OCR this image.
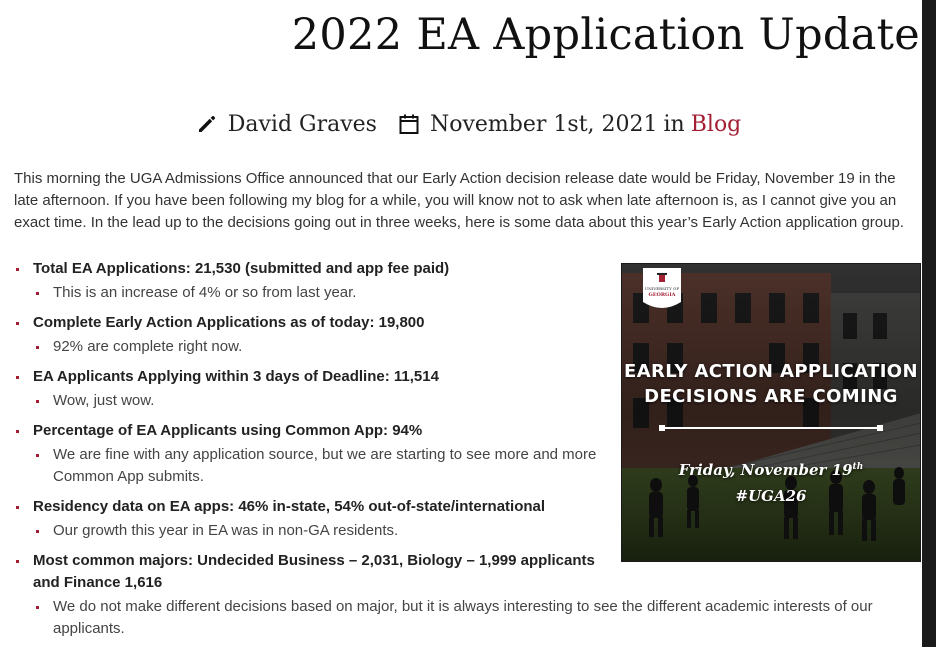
2022 EA Application Update
David Graves November 1st, 2021 in Blog

This morning the UGA Admissions Office announced that our Early Action decision release date would be Friday, November 19 in the late afternoon. If you have been following my blog for a while, you will know not to ask when late afternoon is, as I cannot give you an exact time. In the lead up to the decisions going out in three weeks, here is some data about this year’s Early Action application group.

Total EA Applications: 21,530 (submitted and app fee paid)
This is an increase of 4% or so from last year.
Complete Early Action Applications as of today: 19,800
92% are complete right now.
EA Applicants Applying within 3 days of Deadline: 11,514
Wow, just wow.
Percentage of EA Applicants using Common App: 94%
We are fine with any application source, but we are starting to see more and more Common App submits.
Residency data on EA apps: 46% in-state, 54% out-of-state/international
Our growth this year in EA was in non-GA residents.
Most common majors: Undecided Business – 2,031, Biology – 1,999 applicants and Finance 1,616
We do not make different decisions based on major, but it is always interesting to see the different academic interests of our applicants.
UNIVERSITY OF
GEORGIA
EARLY ACTION APPLICATION
DECISIONS ARE COMING
Friday, November 19th
#UGA26
